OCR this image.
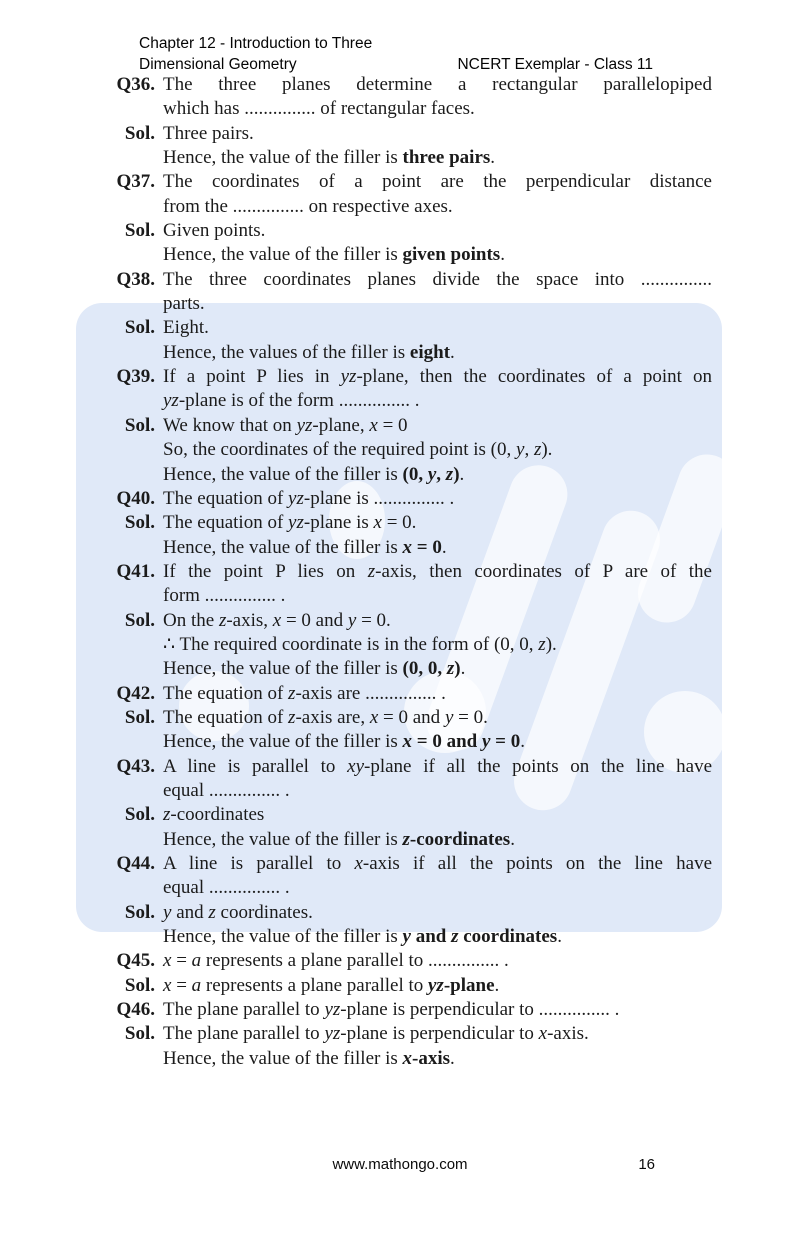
Chapter 12 - Introduction to Three
Dimensional Geometry	NCERT Exemplar - Class 11
Q36. The three planes determine a rectangular parallelopiped
which has ............... of rectangular faces.
Sol. Three pairs.
Hence, the value of the filler is three pairs.
Q37. The coordinates of a point are the perpendicular distance
from the ............... on respective axes.
Sol. Given points.
Hence, the value of the filler is given points.
Q38. The three coordinates planes divide the space into ...............
parts.
Sol. Eight.
Hence, the values of the filler is eight.
Q39. If a point P lies in yz-plane, then the coordinates of a point on
yz-plane is of the form ............... .
Sol. We know that on yz-plane, x = 0
So, the coordinates of the required point is (0, y, z).
Hence, the value of the filler is (0, y, z).
Q40. The equation of yz-plane is ............... .
Sol. The equation of yz-plane is x = 0.
Hence, the value of the filler is x = 0.
Q41. If the point P lies on z-axis, then coordinates of P are of the
form ............... .
Sol. On the z-axis, x = 0 and y = 0.
∴ The required coordinate is in the form of (0, 0, z).
Hence, the value of the filler is (0, 0, z).
Q42. The equation of z-axis are ............... .
Sol. The equation of z-axis are, x = 0 and y = 0.
Hence, the value of the filler is x = 0 and y = 0.
Q43. A line is parallel to xy-plane if all the points on the line have
equal ............... .
Sol. z-coordinates
Hence, the value of the filler is z-coordinates.
Q44. A line is parallel to x-axis if all the points on the line have
equal ............... .
Sol. y and z coordinates.
Hence, the value of the filler is y and z coordinates.
Q45. x = a represents a plane parallel to ............... .
Sol. x = a represents a plane parallel to yz-plane.
Q46. The plane parallel to yz-plane is perpendicular to ............... .
Sol. The plane parallel to yz-plane is perpendicular to x-axis.
Hence, the value of the filler is x-axis.
www.mathongo.com	16
